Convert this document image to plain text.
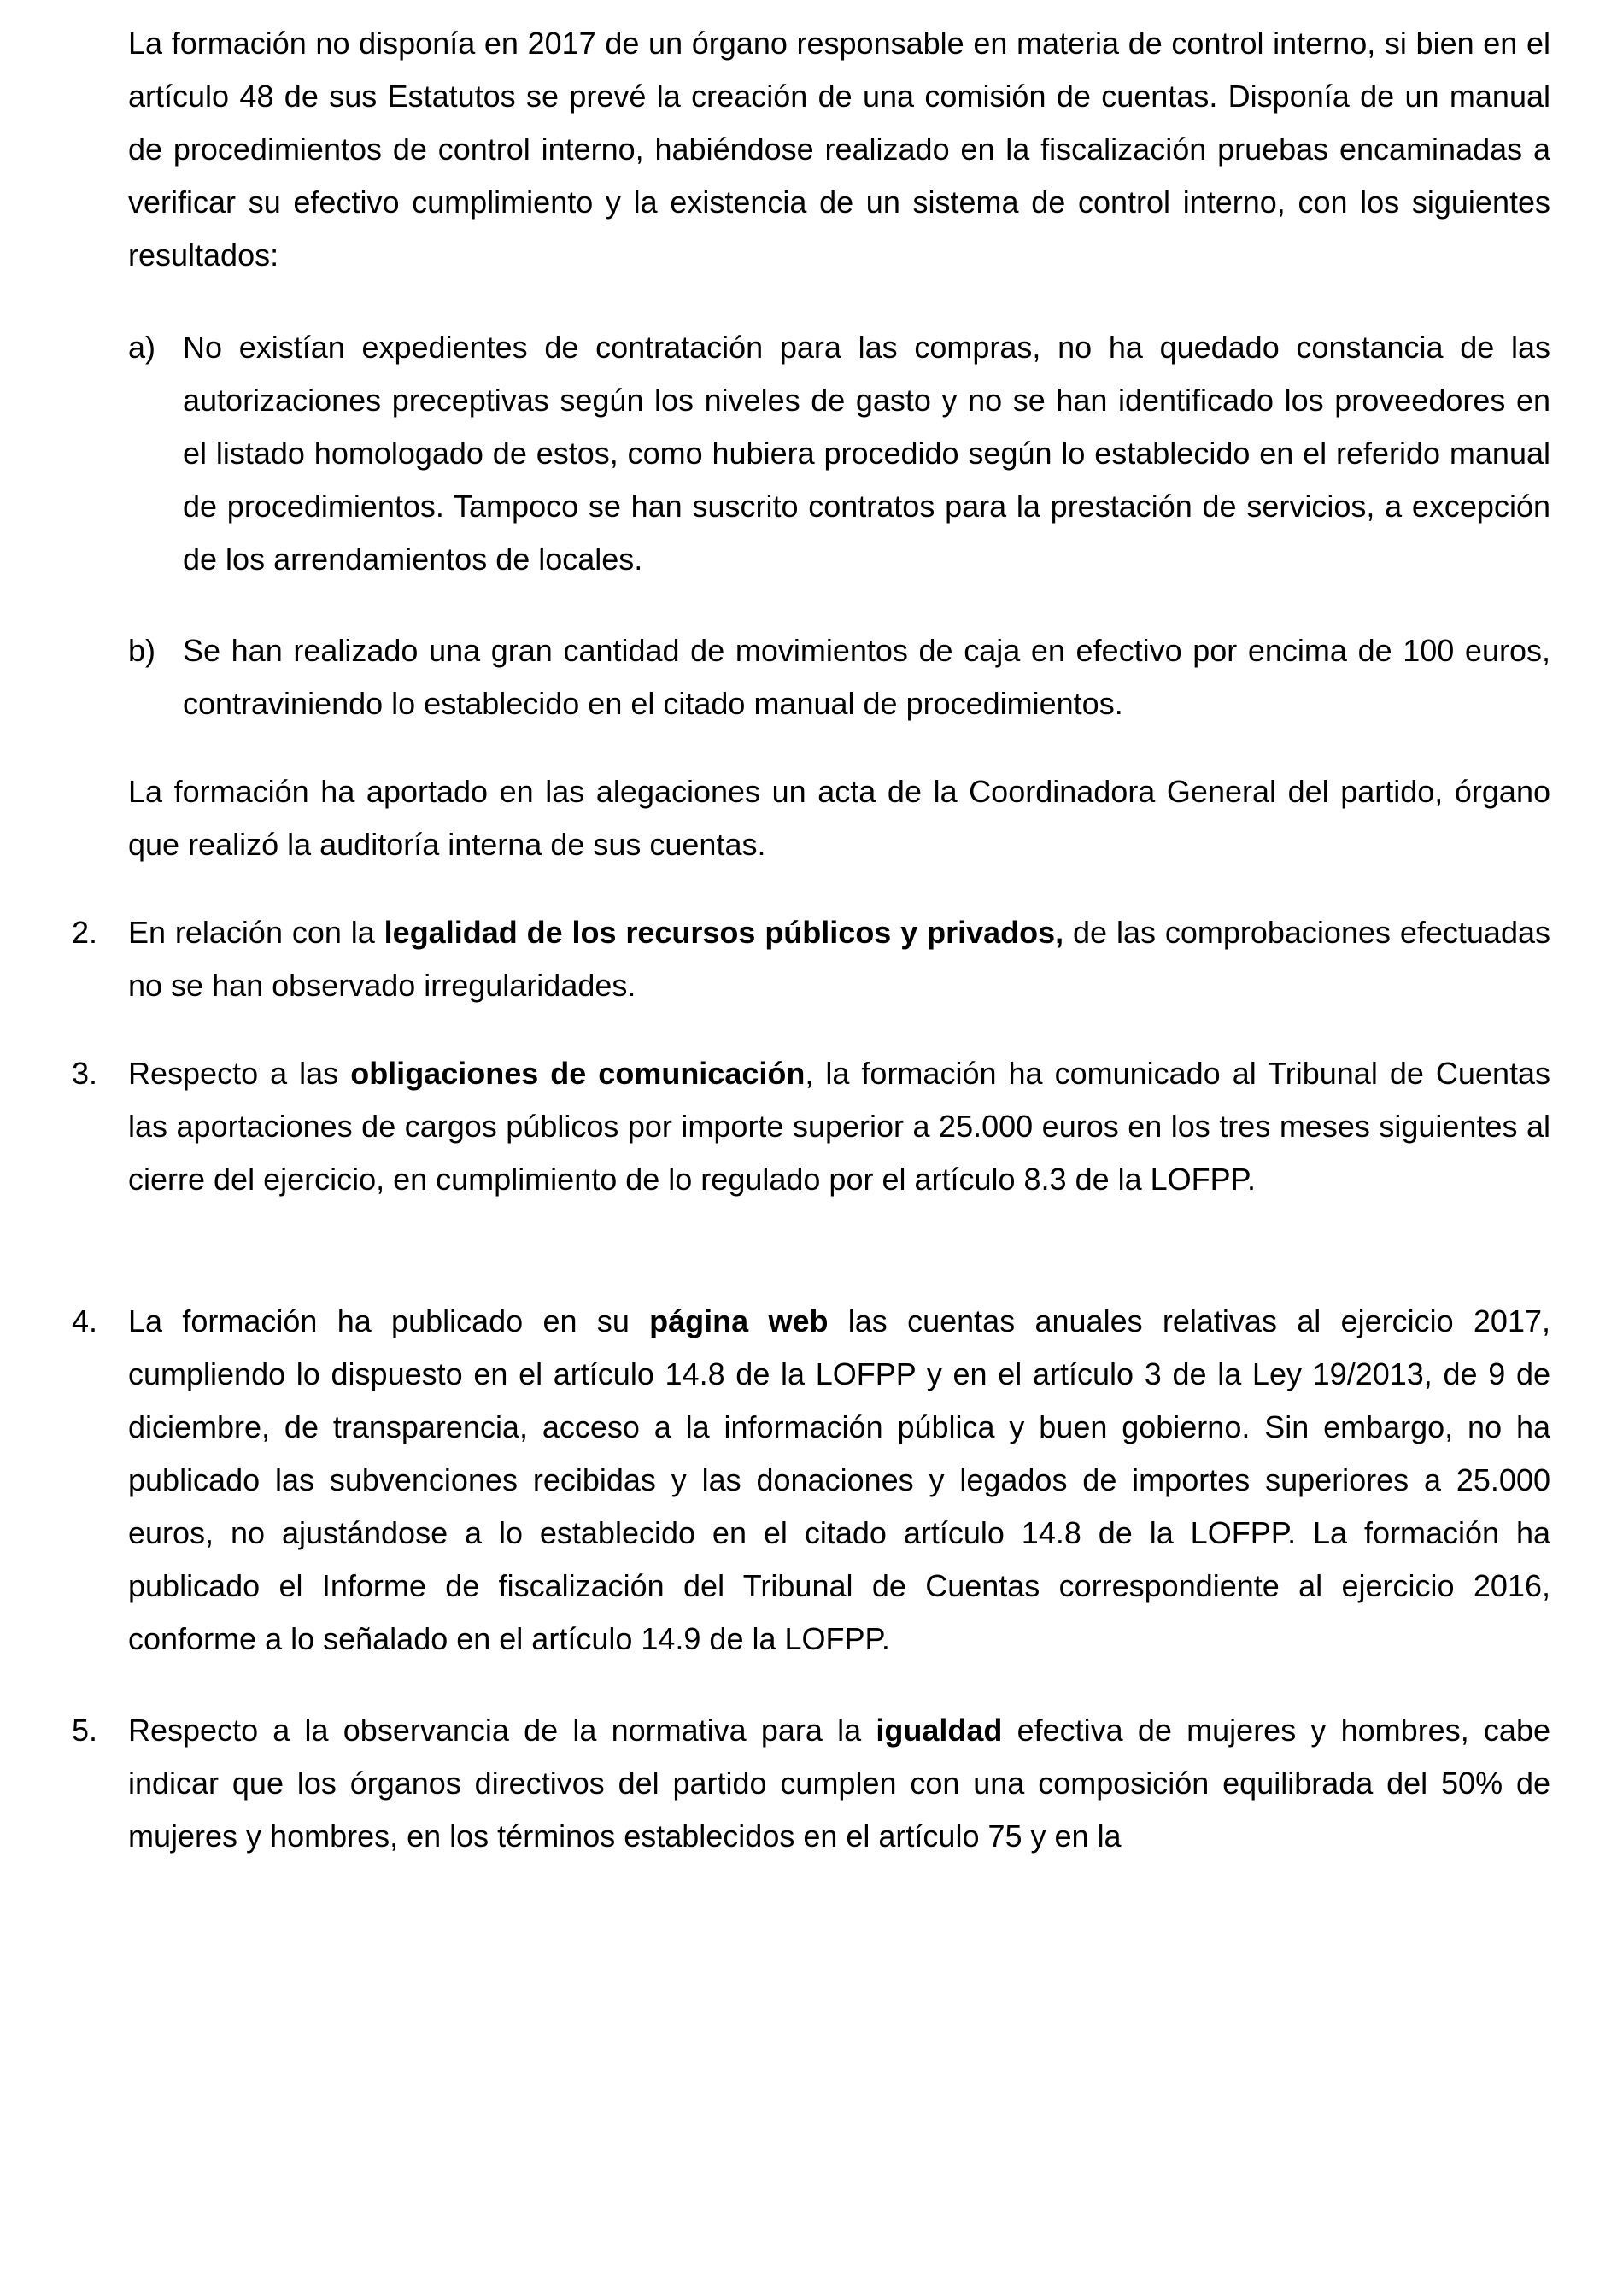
La formación no disponía en 2017 de un órgano responsable en materia de control interno, si bien en el artículo 48 de sus Estatutos se prevé la creación de una comisión de cuentas. Disponía de un manual de procedimientos de control interno, habiéndose realizado en la fiscalización pruebas encaminadas a verificar su efectivo cumplimiento y la existencia de un sistema de control interno, con los siguientes resultados:

a) No existían expedientes de contratación para las compras, no ha quedado constancia de las autorizaciones preceptivas según los niveles de gasto y no se han identificado los proveedores en el listado homologado de estos, como hubiera procedido según lo establecido en el referido manual de procedimientos. Tampoco se han suscrito contratos para la prestación de servicios, a excepción de los arrendamientos de locales.
b) Se han realizado una gran cantidad de movimientos de caja en efectivo por encima de 100 euros, contraviniendo lo establecido en el citado manual de procedimientos.

La formación ha aportado en las alegaciones un acta de la Coordinadora General del partido, órgano que realizó la auditoría interna de sus cuentas.

2. En relación con la legalidad de los recursos públicos y privados, de las comprobaciones efectuadas no se han observado irregularidades.
3. Respecto a las obligaciones de comunicación, la formación ha comunicado al Tribunal de Cuentas las aportaciones de cargos públicos por importe superior a 25.000 euros en los tres meses siguientes al cierre del ejercicio, en cumplimiento de lo regulado por el artículo 8.3 de la LOFPP.
4. La formación ha publicado en su página web las cuentas anuales relativas al ejercicio 2017, cumpliendo lo dispuesto en el artículo 14.8 de la LOFPP y en el artículo 3 de la Ley 19/2013, de 9 de diciembre, de transparencia, acceso a la información pública y buen gobierno. Sin embargo, no ha publicado las subvenciones recibidas y las donaciones y legados de importes superiores a 25.000 euros, no ajustándose a lo establecido en el citado artículo 14.8 de la LOFPP. La formación ha publicado el Informe de fiscalización del Tribunal de Cuentas correspondiente al ejercicio 2016, conforme a lo señalado en el artículo 14.9 de la LOFPP.
5. Respecto a la observancia de la normativa para la igualdad efectiva de mujeres y hombres, cabe indicar que los órganos directivos del partido cumplen con una composición equilibrada del 50% de mujeres y hombres, en los términos establecidos en el artículo 75 y en la
